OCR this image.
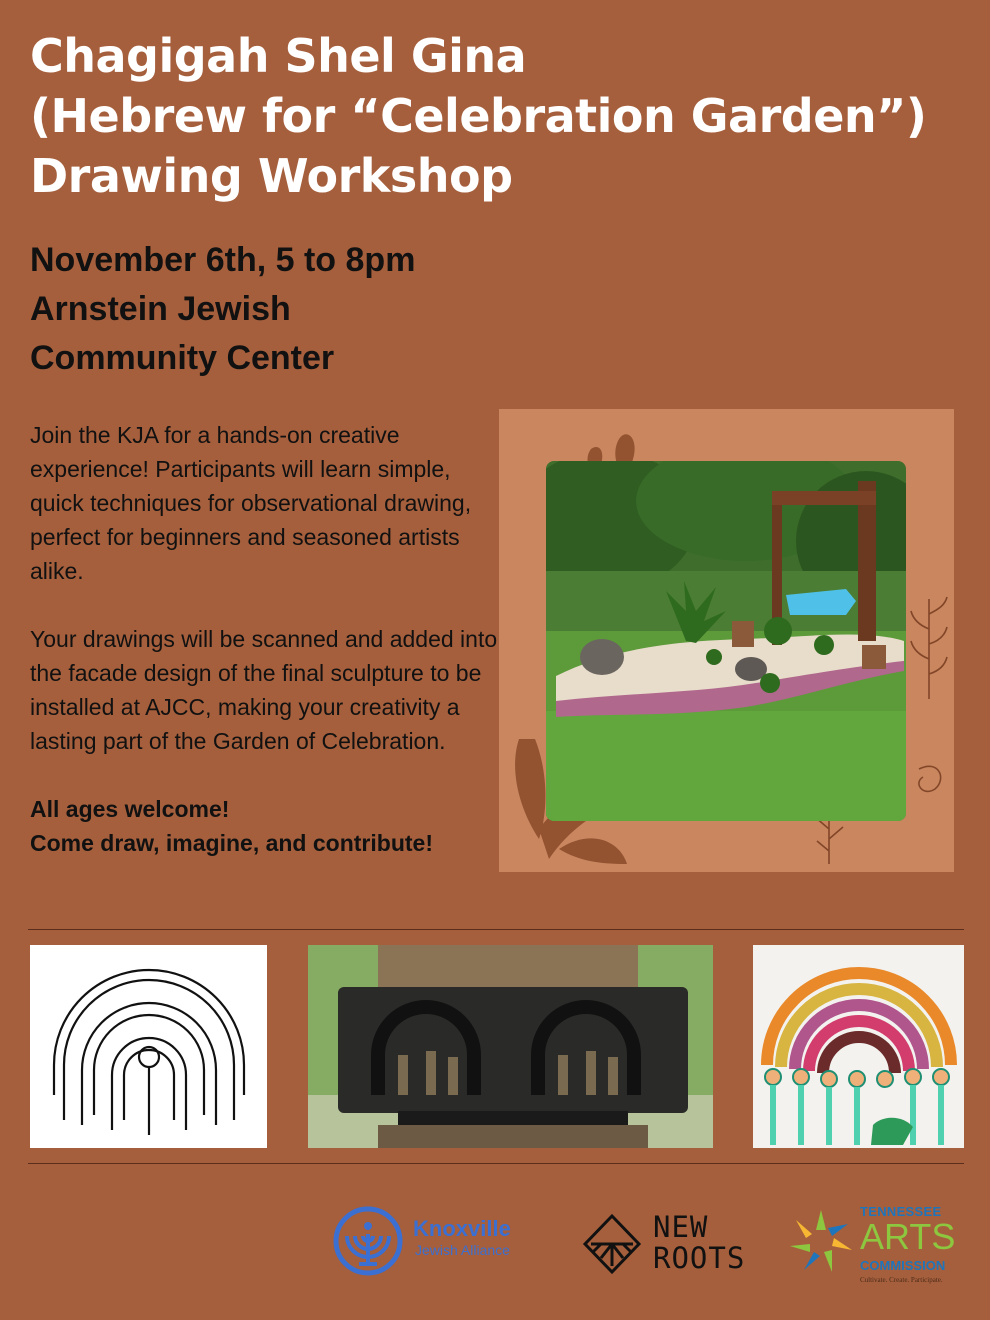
Chagigah Shel Gina
(Hebrew for “Celebration Garden”)
Drawing Workshop
November 6th, 5 to 8pm
Arnstein Jewish
Community Center

Join the KJA for a hands-on creative experience! Participants will learn simple, quick techniques for observational drawing, perfect for beginners and seasoned artists alike.

Your drawings will be scanned and added into the facade design of the final sculpture to be installed at AJCC, making your creativity a lasting part of the Garden of Celebration.

All ages welcome!
Come draw, imagine, and contribute!
Knoxville
Jewish Alliance
NEW
ROOTS
TENNESSEE
ARTS
COMMISSION
Cultivate. Create. Participate.
